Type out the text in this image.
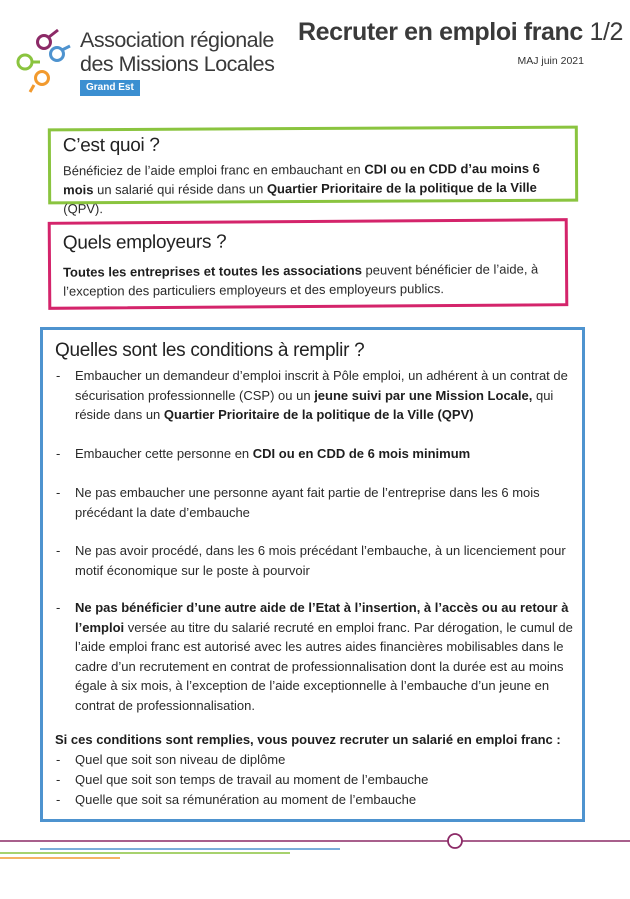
Association régionale
des Missions Locales
Grand Est
Recruter en emploi franc 1/2
MAJ juin 2021
C’est quoi ?

Bénéficiez de l’aide emploi franc en embauchant en CDI ou en CDD d’au moins 6 mois un salarié qui réside dans un Quartier Prioritaire de la politique de la Ville (QPV).

Quels employeurs ?

Toutes les entreprises et toutes les associations peuvent bénéficier de l’aide, à l’exception des particuliers employeurs et des employeurs publics.

Quelles sont les conditions à remplir ?
- Embaucher un demandeur d’emploi inscrit à Pôle emploi, un adhérent à un contrat de sécurisation professionnelle (CSP) ou un jeune suivi par une Mission Locale, qui réside dans un Quartier Prioritaire de la politique de la Ville (QPV)
- Embaucher cette personne en CDI ou en CDD de 6 mois minimum
- Ne pas embaucher une personne ayant fait partie de l’entreprise dans les 6 mois précédant la date d’embauche
- Ne pas avoir procédé, dans les 6 mois précédant l’embauche, à un licenciement pour motif économique sur le poste à pourvoir
- Ne pas bénéficier d’une autre aide de l’Etat à l’insertion, à l’accès ou au retour à l’emploi versée au titre du salarié recruté en emploi franc. Par dérogation, le cumul de l’aide emploi franc est autorisé avec les autres aides financières mobilisables dans le cadre d’un recrutement en contrat de professionnalisation dont la durée est au moins égale à six mois, à l’exception de l’aide exceptionnelle à l’embauche d’un jeune en contrat de professionnalisation.
Si ces conditions sont remplies, vous pouvez recruter un salarié en emploi franc :
- Quel que soit son niveau de diplôme
- Quel que soit son temps de travail au moment de l’embauche
- Quelle que soit sa rémunération au moment de l’embauche
